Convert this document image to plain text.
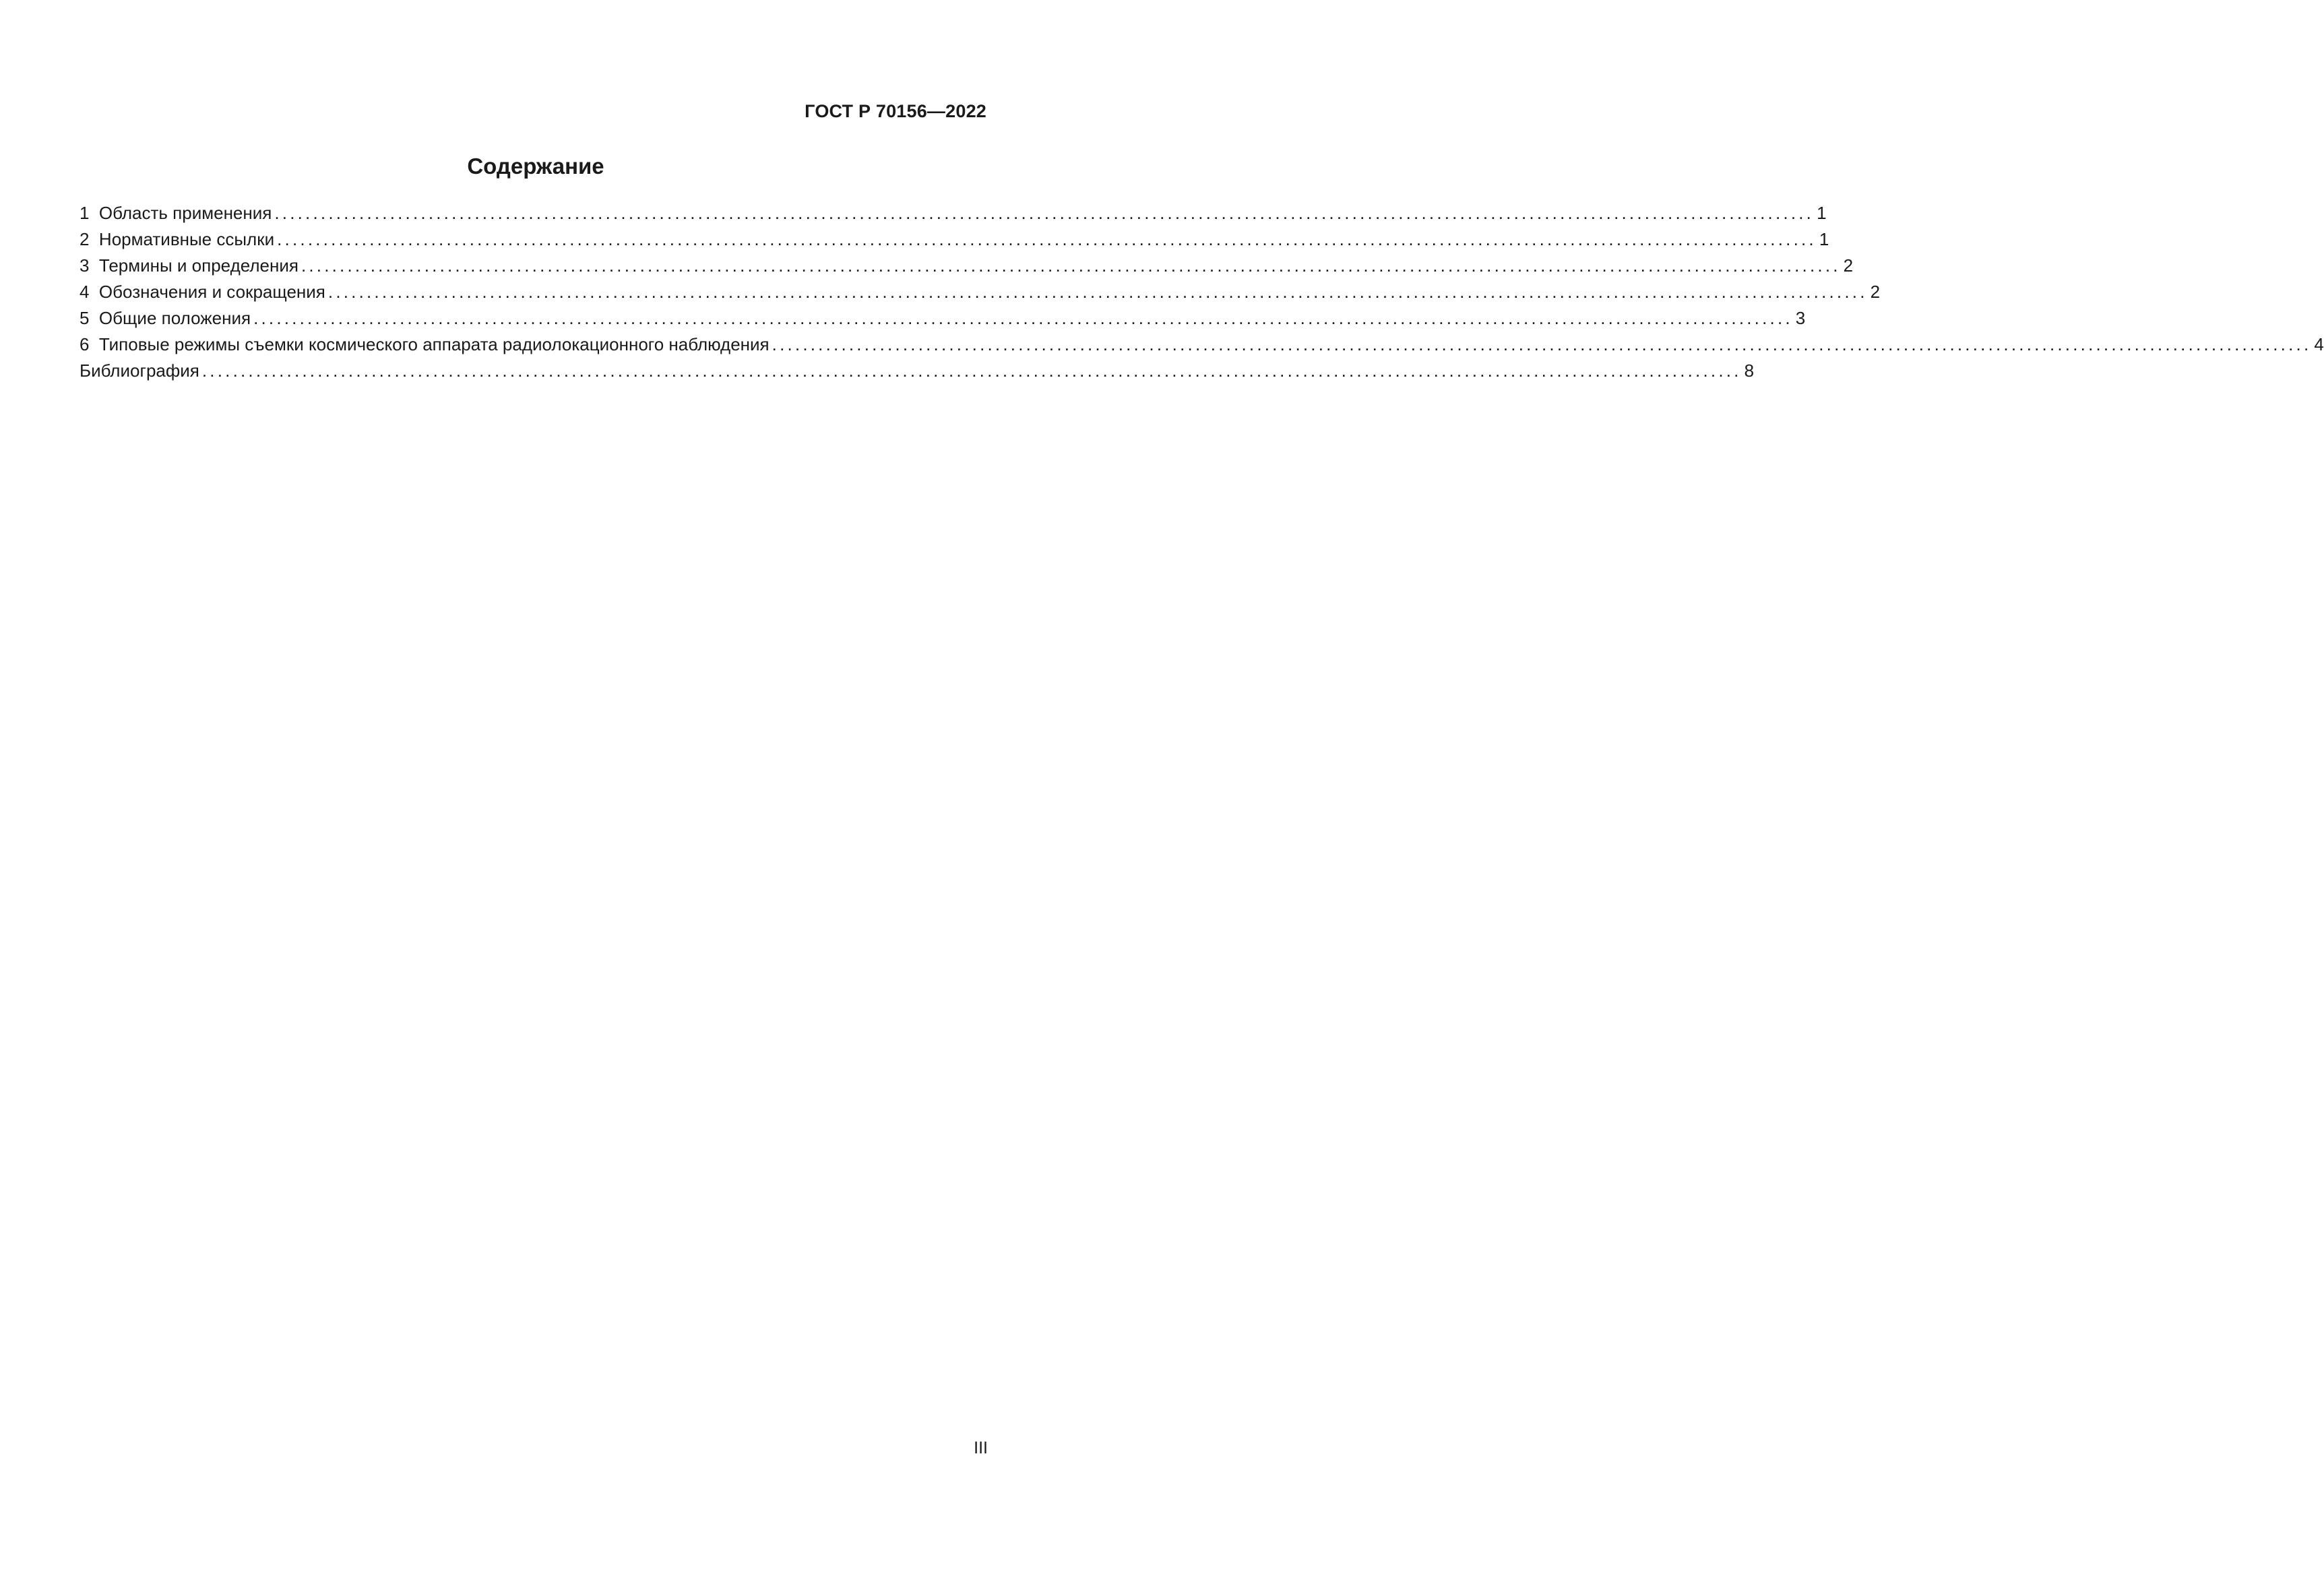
ГОСТ Р 70156—2022
Содержание
1 Область применения ........................................................................................................................................................................................................ 1
2 Нормативные ссылки ........................................................................................................................................................................................................ 1
3 Термины и определения ........................................................................................................................................................................................................ 2
4 Обозначения и сокращения ........................................................................................................................................................................................................ 2
5 Общие положения ........................................................................................................................................................................................................ 3
6 Типовые режимы съемки космического аппарата радиолокационного наблюдения ........................................................................................................................................................................................................ 4
Библиография ........................................................................................................................................................................................................ 8
III
